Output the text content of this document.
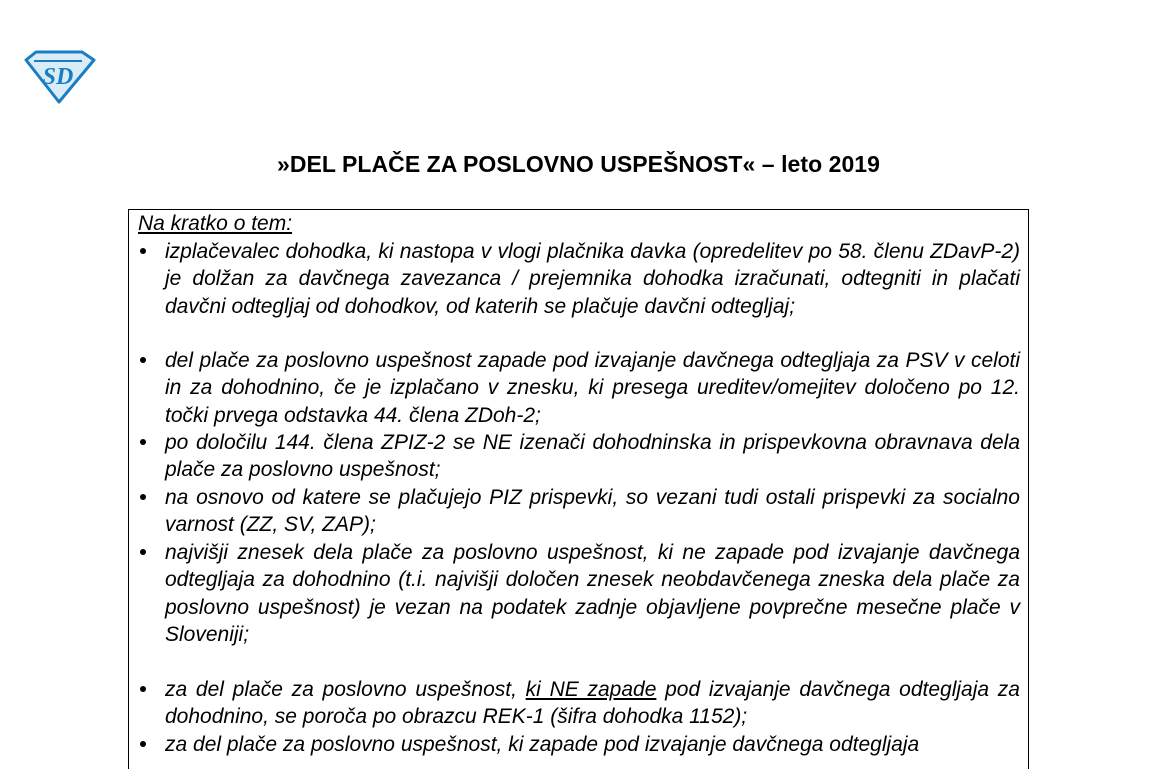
SD
»DEL PLAČE ZA POSLOVNO USPEŠNOST« – leto 2019
Na kratko o tem:
izplačevalec dohodka, ki nastopa v vlogi plačnika davka (opredelitev po 58. členu ZDavP-2) je dolžan za davčnega zavezanca / prejemnika dohodka izračunati, odtegniti in plačati davčni odtegljaj od dohodkov, od katerih se plačuje davčni odtegljaj;
del plače za poslovno uspešnost zapade pod izvajanje davčnega odtegljaja za PSV v celoti in za dohodnino, če je izplačano v znesku, ki presega ureditev/omejitev določeno po 12. točki prvega odstavka 44. člena ZDoh-2;
po določilu 144. člena ZPIZ-2 se NE izenači dohodninska in prispevkovna obravnava dela plače za poslovno uspešnost;
na osnovo od katere se plačujejo PIZ prispevki, so vezani tudi ostali prispevki za socialno varnost (ZZ, SV, ZAP);
najvišji znesek dela plače za poslovno uspešnost, ki ne zapade pod izvajanje davčnega odtegljaja za dohodnino (t.i. najvišji določen znesek neobdavčenega zneska dela plače za poslovno uspešnost) je vezan na podatek zadnje objavljene povprečne mesečne plače v Sloveniji;
za del plače za poslovno uspešnost, ki NE zapade pod izvajanje davčnega odtegljaja za dohodnino, se poroča po obrazcu REK-1 (šifra dohodka 1152);
za del plače za poslovno uspešnost, ki zapade pod izvajanje davčnega odtegljaja
